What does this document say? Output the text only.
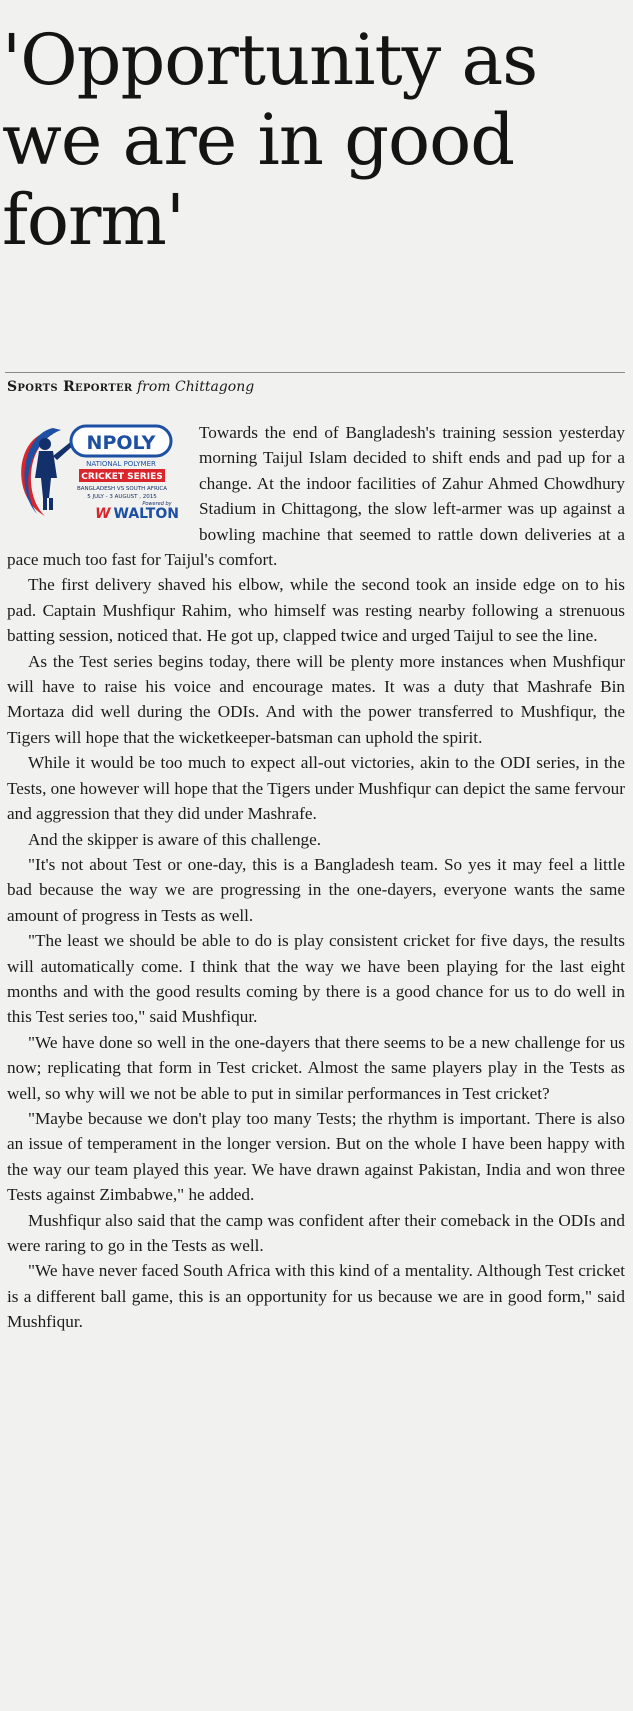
'Opportunity as we are in good form'
Sports Reporter from Chittagong
NPOLY
NATIONAL POLYMER
CRICKET SERIES
BANGLADESH VS SOUTH AFRICA
5 JULY - 3 AUGUST , 2015
Powered by
W WALTON

Towards the end of Bangladesh's training session yesterday morning Taijul Islam decided to shift ends and pad up for a change. At the indoor facilities of Zahur Ahmed Chowdhury Stadium in Chittagong, the slow left-armer was up against a bowling machine that seemed to rattle down deliveries at a pace much too fast for Taijul's comfort.

The first delivery shaved his elbow, while the second took an inside edge on to his pad. Captain Mushfiqur Rahim, who himself was resting nearby following a strenuous batting session, noticed that. He got up, clapped twice and urged Taijul to see the line.

As the Test series begins today, there will be plenty more instances when Mushfiqur will have to raise his voice and encourage mates. It was a duty that Mashrafe Bin Mortaza did well during the ODIs. And with the power transferred to Mushfiqur, the Tigers will hope that the wicketkeeper-batsman can uphold the spirit.

While it would be too much to expect all-out victories, akin to the ODI series, in the Tests, one however will hope that the Tigers under Mushfiqur can depict the same fervour and aggression that they did under Mashrafe.

And the skipper is aware of this challenge.

"It's not about Test or one-day, this is a Bangladesh team. So yes it may feel a little bad because the way we are progressing in the one-dayers, everyone wants the same amount of progress in Tests as well.

"The least we should be able to do is play consistent cricket for five days, the results will automatically come. I think that the way we have been playing for the last eight months and with the good results coming by there is a good chance for us to do well in this Test series too," said Mushfiqur.

"We have done so well in the one-dayers that there seems to be a new challenge for us now; replicating that form in Test cricket. Almost the same players play in the Tests as well, so why will we not be able to put in similar performances in Test cricket?

"Maybe because we don't play too many Tests; the rhythm is important. There is also an issue of temperament in the longer version. But on the whole I have been happy with the way our team played this year. We have drawn against Pakistan, India and won three Tests against Zimbabwe," he added.

Mushfiqur also said that the camp was confident after their comeback in the ODIs and were raring to go in the Tests as well.

"We have never faced South Africa with this kind of a mentality. Although Test cricket is a different ball game, this is an opportunity for us because we are in good form," said Mushfiqur.
